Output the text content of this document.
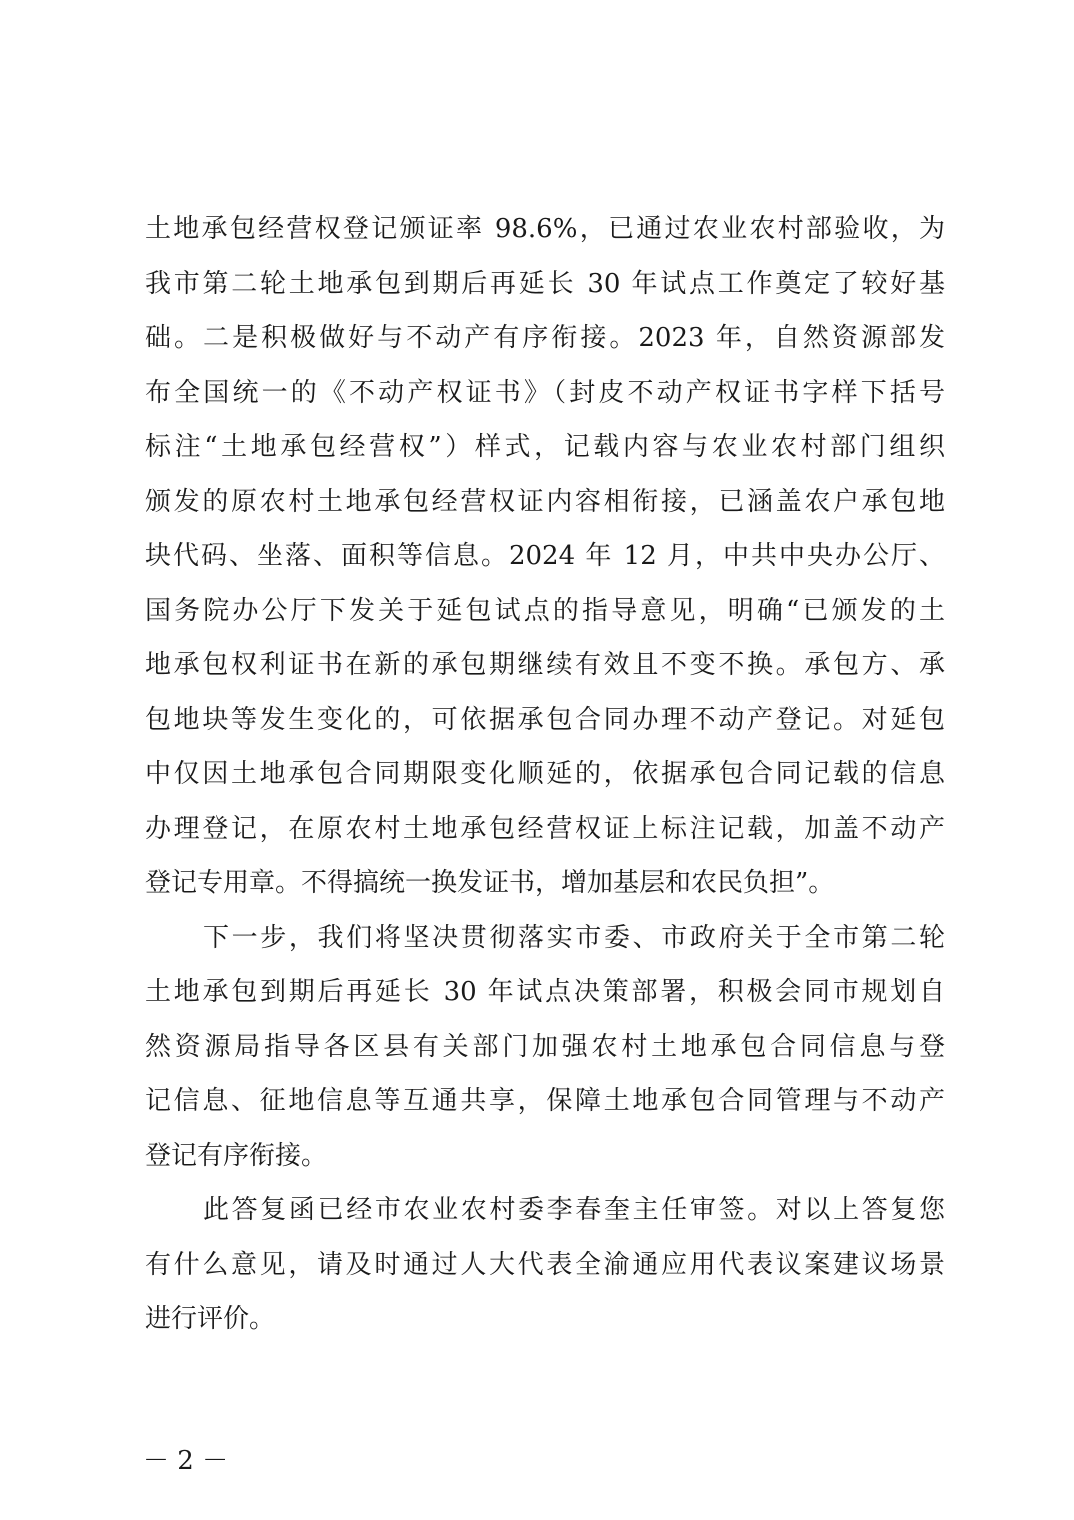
土地承包经营权登记颁证率 98.6%，已通过农业农村部验收，为
我市第二轮土地承包到期后再延长 30 年试点工作奠定了较好基
础。二是积极做好与不动产有序衔接。2023 年，自然资源部发
布全国统一的《不动产权证书》（封皮不动产权证书字样下括号
标注“土地承包经营权”）样式，记载内容与农业农村部门组织
颁发的原农村土地承包经营权证内容相衔接，已涵盖农户承包地
块代码、坐落、面积等信息。2024 年 12 月，中共中央办公厅、
国务院办公厅下发关于延包试点的指导意见，明确“已颁发的土
地承包权利证书在新的承包期继续有效且不变不换。承包方、承
包地块等发生变化的，可依据承包合同办理不动产登记。对延包
中仅因土地承包合同期限变化顺延的，依据承包合同记载的信息
办理登记，在原农村土地承包经营权证上标注记载，加盖不动产
登记专用章。不得搞统一换发证书，增加基层和农民负担”。
下一步，我们将坚决贯彻落实市委、市政府关于全市第二轮
土地承包到期后再延长 30 年试点决策部署，积极会同市规划自
然资源局指导各区县有关部门加强农村土地承包合同信息与登
记信息、征地信息等互通共享，保障土地承包合同管理与不动产
登记有序衔接。
此答复函已经市农业农村委李春奎主任审签。对以上答复您
有什么意见，请及时通过人大代表全渝通应用代表议案建议场景
进行评价。
－ 2 －
